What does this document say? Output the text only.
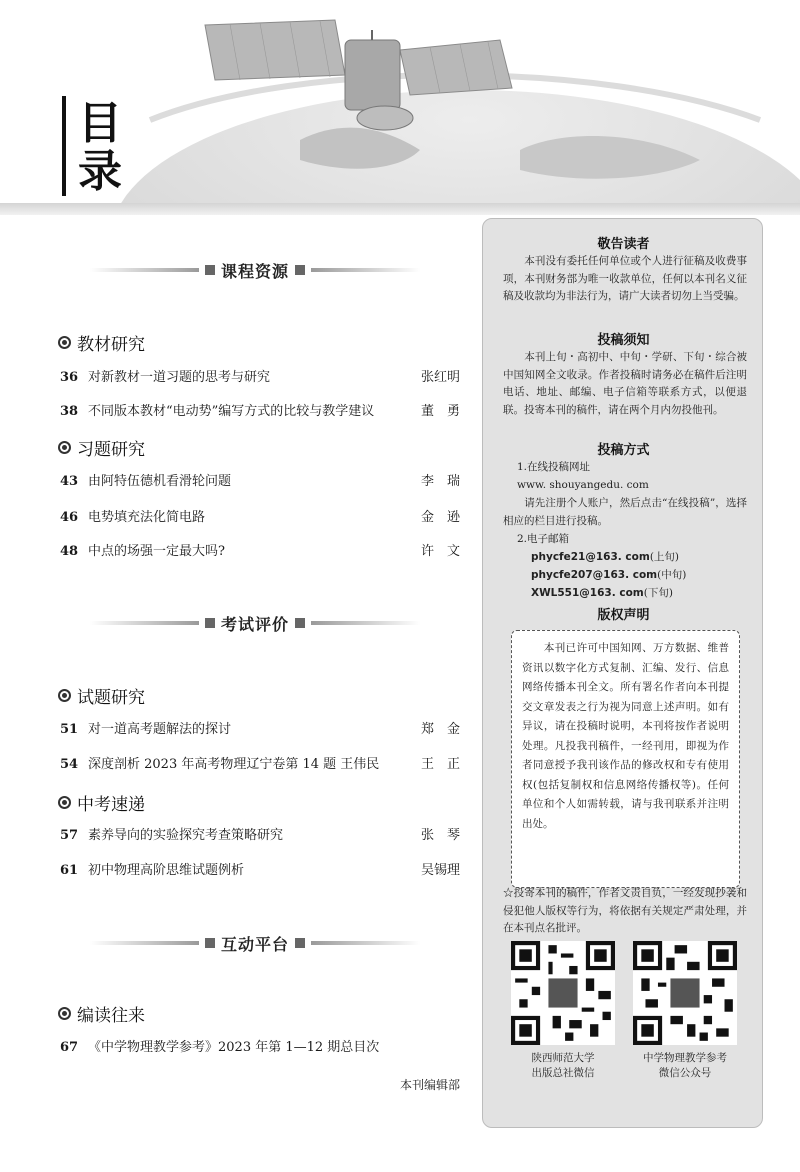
目
录
课程资源
教材研究
36 对新教材一道习题的思考与研究	张红明
38 不同版本教材“电动势”编写方式的比较与教学建议	董　勇
习题研究
43 由阿特伍德机看滑轮问题	李　瑞
46 电势填充法化简电路	金　逊
48 中点的场强一定最大吗?	许　文
考试评价
试题研究
51 对一道高考题解法的探讨	郑　金
54 深度剖析 2023 年高考物理辽宁卷第 14 题 王伟民	王　正
中考速递
57 素养导向的实验探究考查策略研究	张　琴
61 初中物理高阶思维试题例析	吴锡理
互动平台
编读往来
67 《中学物理教学参考》2023 年第 1—12 期总目次
本刊编辑部
敬告读者
　　本刊没有委托任何单位或个人进行征稿及收费事项，本刊财务部为唯一收款单位，任何以本刊名义征稿及收款均为非法行为，请广大读者切勿上当受骗。
投稿须知
　　本刊上旬・高初中、中旬・学研、下旬・综合被中国知网全文收录。作者投稿时请务必在稿件后注明电话、地址、邮编、电子信箱等联系方式，以便退联。投寄本刊的稿件，请在两个月内勿投他刊。
投稿方式
1.在线投稿网址
www. shouyangedu. com
　　请先注册个人账户，然后点击“在线投稿”，选择相应的栏目进行投稿。
2.电子邮箱
phycfe21@163. com(上旬)
phycfe207@163. com(中旬)
XWL551@163. com(下旬)
版权声明
　　本刊已许可中国知网、万方数据、维普资讯以数字化方式复制、汇编、发行、信息网络传播本刊全文。所有署名作者向本刊提交文章发表之行为视为同意上述声明。如有异议，请在投稿时说明，本刊将按作者说明处理。凡投我刊稿件，一经刊用，即视为作者同意授予我刊该作品的修改权和专有使用权(包括复制权和信息网络传播权等)。任何单位和个人如需转载，请与我刊联系并注明出处。
☆投寄本刊的稿件，作者文责自负，一经发现抄袭和侵犯他人版权等行为，将依据有关规定严肃处理，并在本刊点名批评。
陕西师范大学
出版总社微信
中学物理教学参考
微信公众号
